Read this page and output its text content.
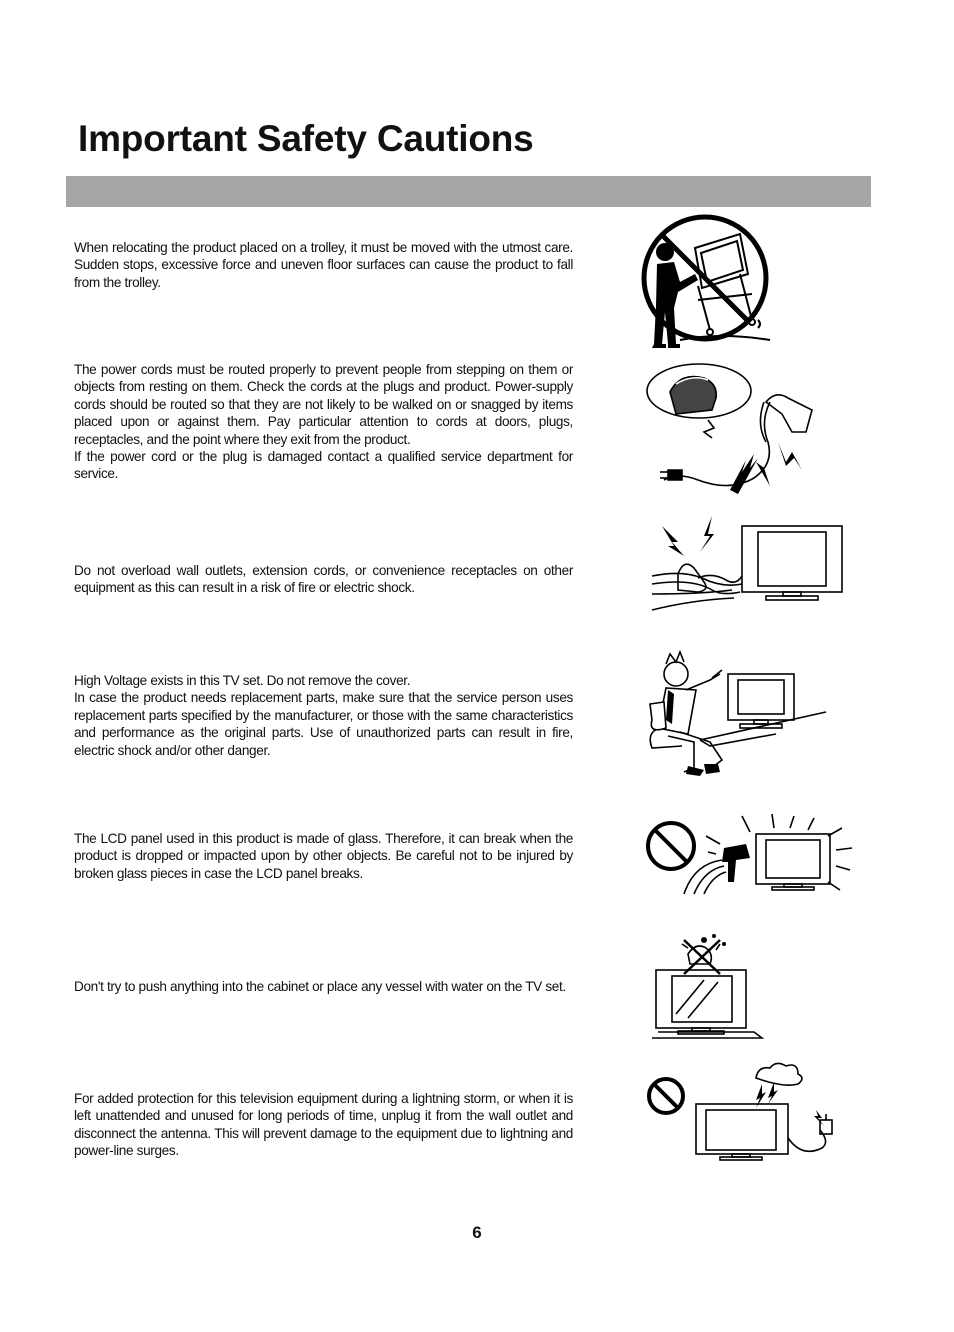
Important Safety Cautions

When relocating the product placed on a trolley, it must be moved with the utmost care. Sudden stops, excessive force and uneven floor surfaces can cause the product to fall from the trolley.

The power cords must be routed properly to prevent people from stepping on them or objects from resting on them. Check the cords at the plugs and product. Power-supply cords should be routed so that they are not likely to be walked on or snagged by items placed upon or against them. Pay particular attention to cords at doors, plugs, receptacles, and the point where they exit from the product.
If the power cord or the plug is damaged contact a qualified service department for service.

Do not overload wall outlets, extension cords, or convenience receptacles on other equipment as this can result in a risk of fire or electric shock.

High Voltage exists in this TV set. Do not remove the cover.
In case the product needs replacement parts, make sure that the service person uses replacement parts specified by the manufacturer, or those with the same characteristics and performance as the original parts. Use of unauthorized parts can result in fire, electric shock and/or other danger.

The LCD panel used in this product is made of glass. Therefore, it can break when the product is dropped or impacted upon by other objects. Be careful not to be injured by broken glass pieces in case the LCD panel breaks.

Don't try to push anything into the cabinet or place any vessel with water on the TV set.

For added protection for this television equipment during a lightning storm, or when it is left unattended and unused for long periods of time, unplug it from the wall outlet and disconnect the antenna. This will prevent damage to the equipment due to lightning and power-line surges.

6
